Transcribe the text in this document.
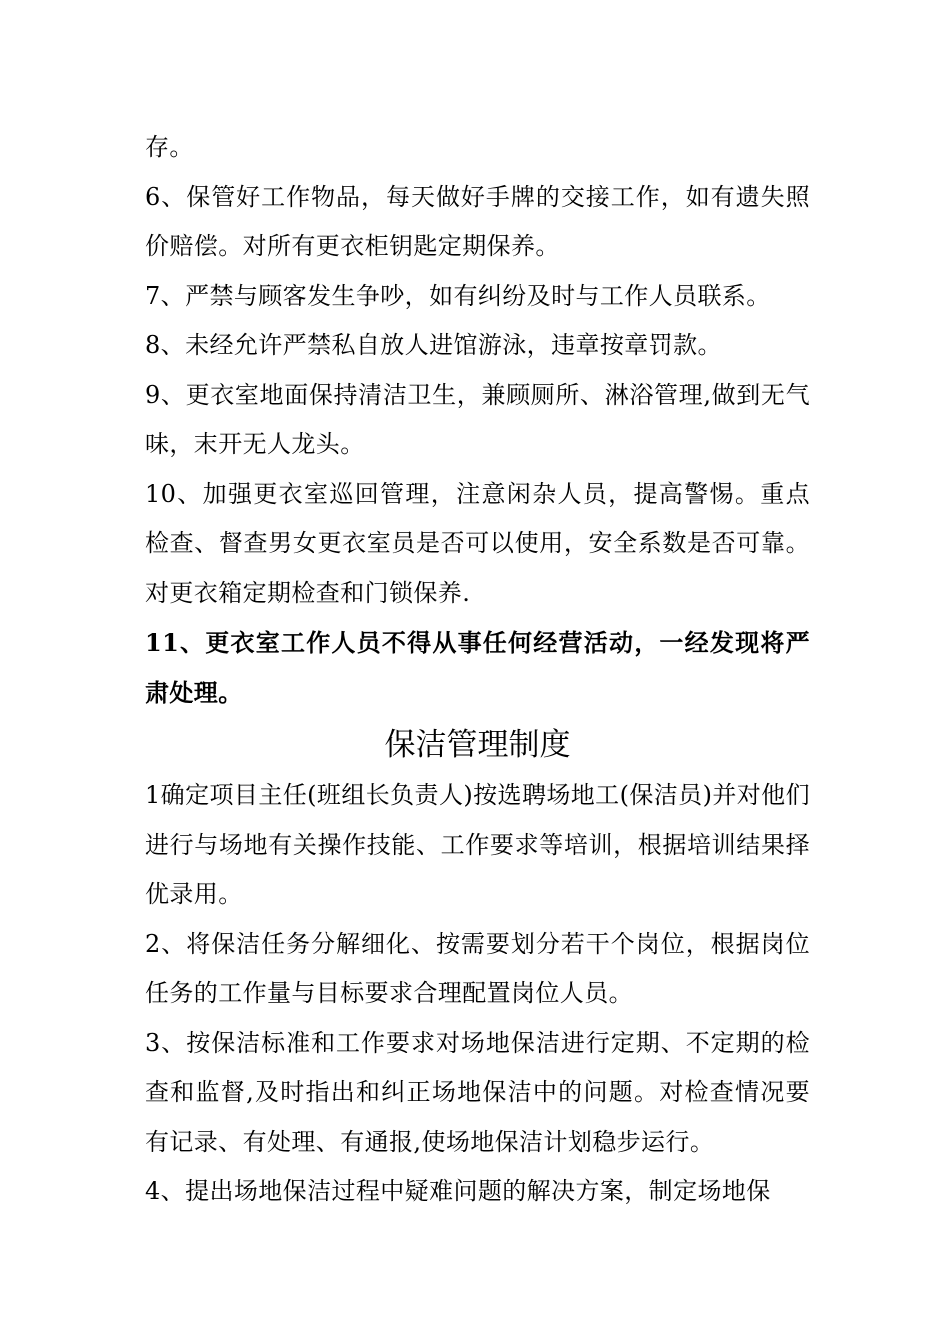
存。

6、保管好工作物品，每天做好手牌的交接工作，如有遗失照价赔偿。对所有更衣柜钥匙定期保养。

7、严禁与顾客发生争吵，如有纠纷及时与工作人员联系。

8、未经允许严禁私自放人进馆游泳，违章按章罚款。

9、更衣室地面保持清洁卫生，兼顾厕所、淋浴管理,做到无气味，末开无人龙头。

10、加强更衣室巡回管理，注意闲杂人员，提高警惕。重点检查、督查男女更衣室员是否可以使用，安全系数是否可靠。对更衣箱定期检查和门锁保养.

11、更衣室工作人员不得从事任何经营活动，一经发现将严肃处理。

保洁管理制度

1确定项目主任(班组长负责人)按选聘场地工(保洁员)并对他们进行与场地有关操作技能、工作要求等培训，根据培训结果择优录用。

2、将保洁任务分解细化、按需要划分若干个岗位，根据岗位任务的工作量与目标要求合理配置岗位人员。

3、按保洁标准和工作要求对场地保洁进行定期、不定期的检查和监督,及时指出和纠正场地保洁中的问题。对检查情况要有记录、有处理、有通报,使场地保洁计划稳步运行。

4、提出场地保洁过程中疑难问题的解决方案，制定场地保
